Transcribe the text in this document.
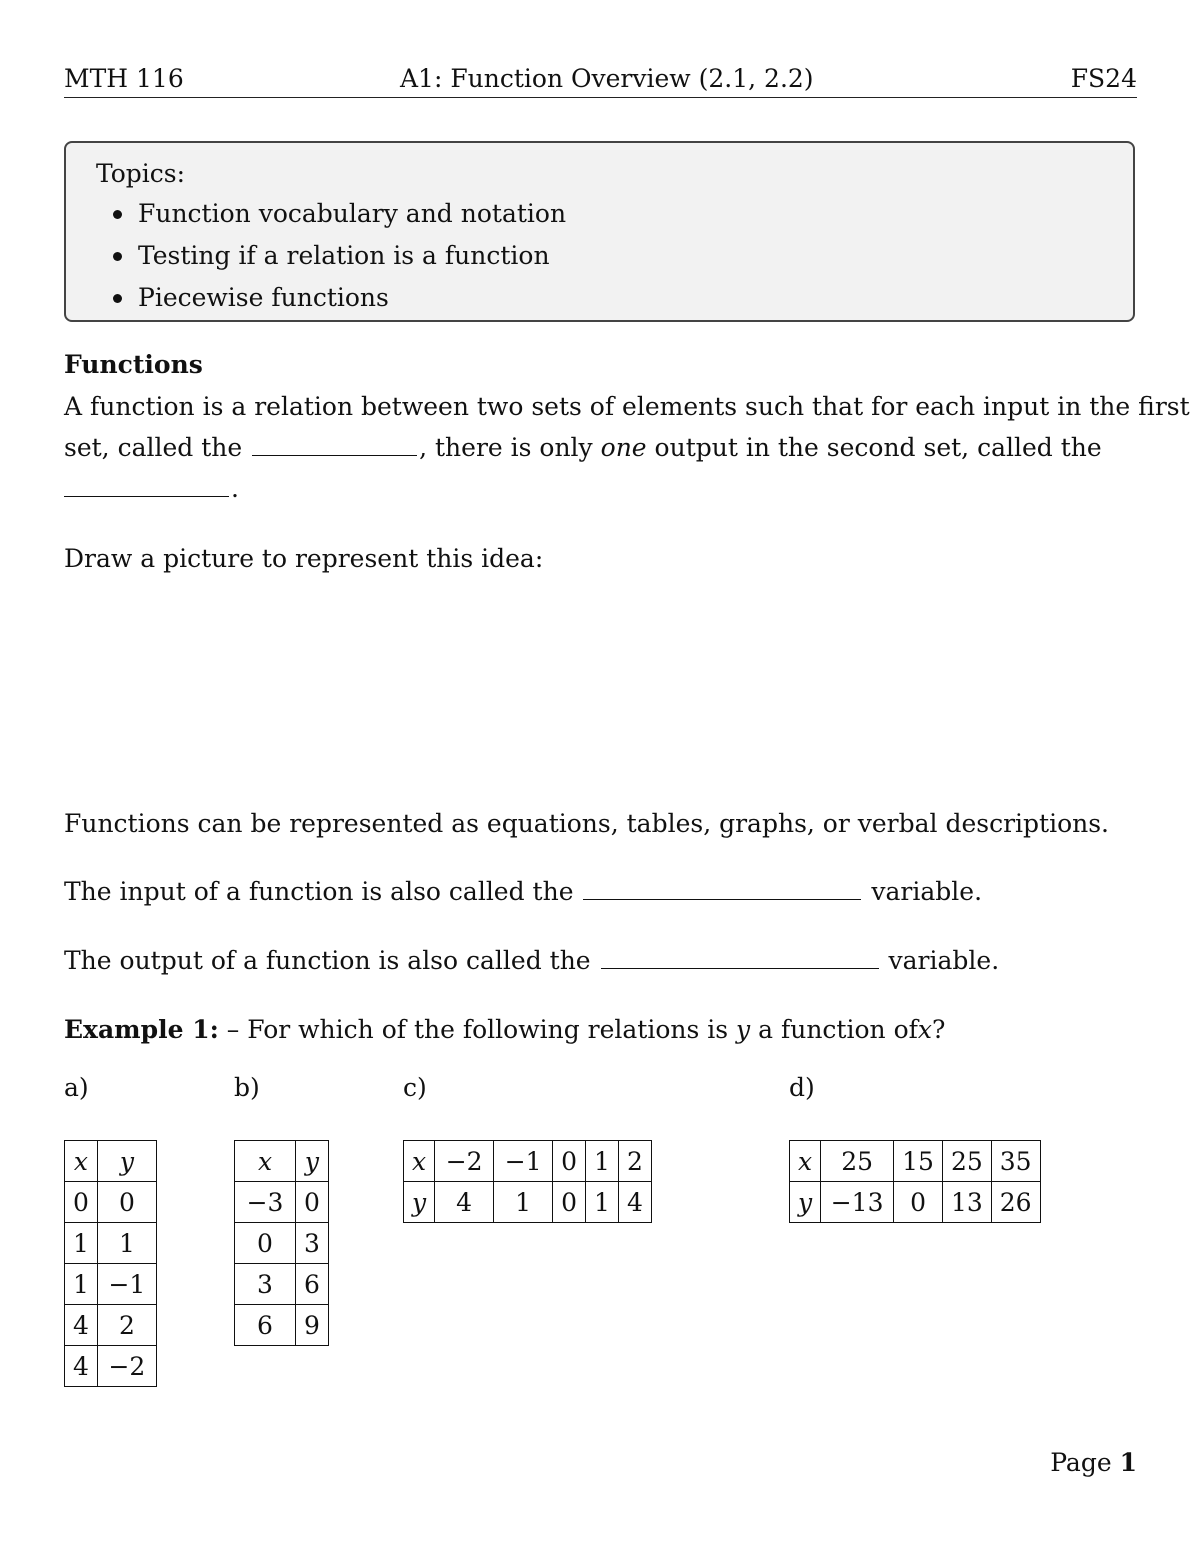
MTH 116	A1: Function Overview (2.1, 2.2)	FS24
Topics:
Function vocabulary and notation
Testing if a relation is a function
Piecewise functions
Functions
A function is a relation between two sets of elements such that for each input in the first
set, called the	, there is only one output in the second set, called the
.
Draw a picture to represent this idea:
Functions can be represented as equations, tables, graphs, or verbal descriptions.
The input of a function is also called the	variable.
The output of a function is also called the	variable.
Example 1: – For which of the following relations is y a function ofx?
a)	b)	c)	d)
x	y
0	0
1	1
1	−1
4	2
4	−2
x	y
−3	0
0	3
3	6
6	9
x	−2	−1	0	1	2
y	4	1	0	1	4
x	25	15	25	35
y	−13	0	13	26
Page 1
